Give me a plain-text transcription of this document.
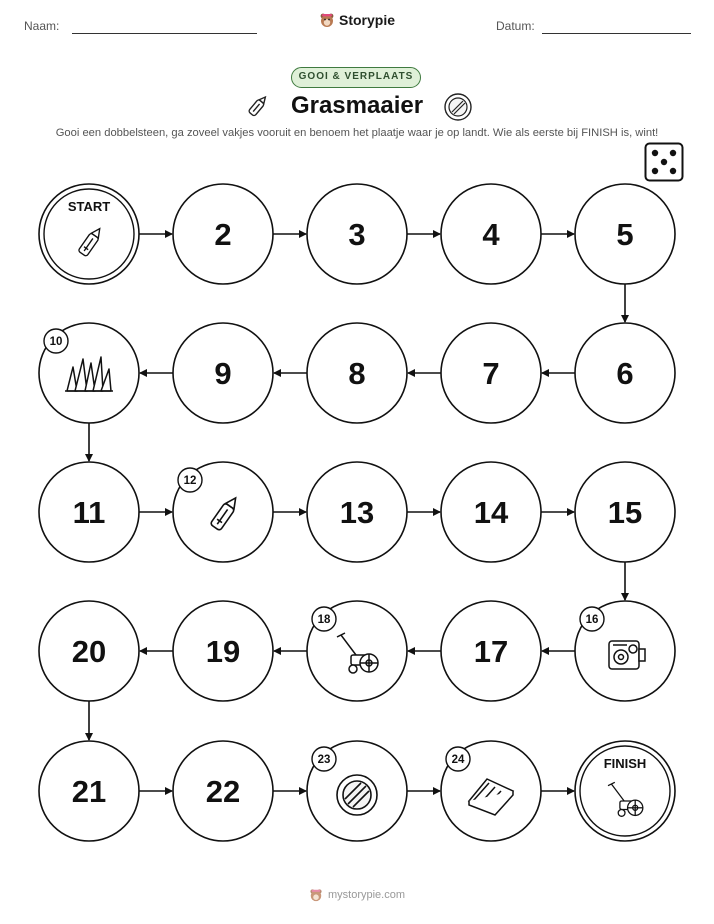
Naam:	Datum:
Storypie
GOOI & VERPLAATS
Grasmaaier
Gooi een dobbelsteen, ga zoveel vakjes vooruit en benoem het plaatje waar je op landt. Wie als eerste bij FINISH is, wint!
START
2	3	4	5
6
7
8
9
10
11
12
13	14	15
16
17
18
19
20
21	22
23	24	FINISH
mystorypie.com
